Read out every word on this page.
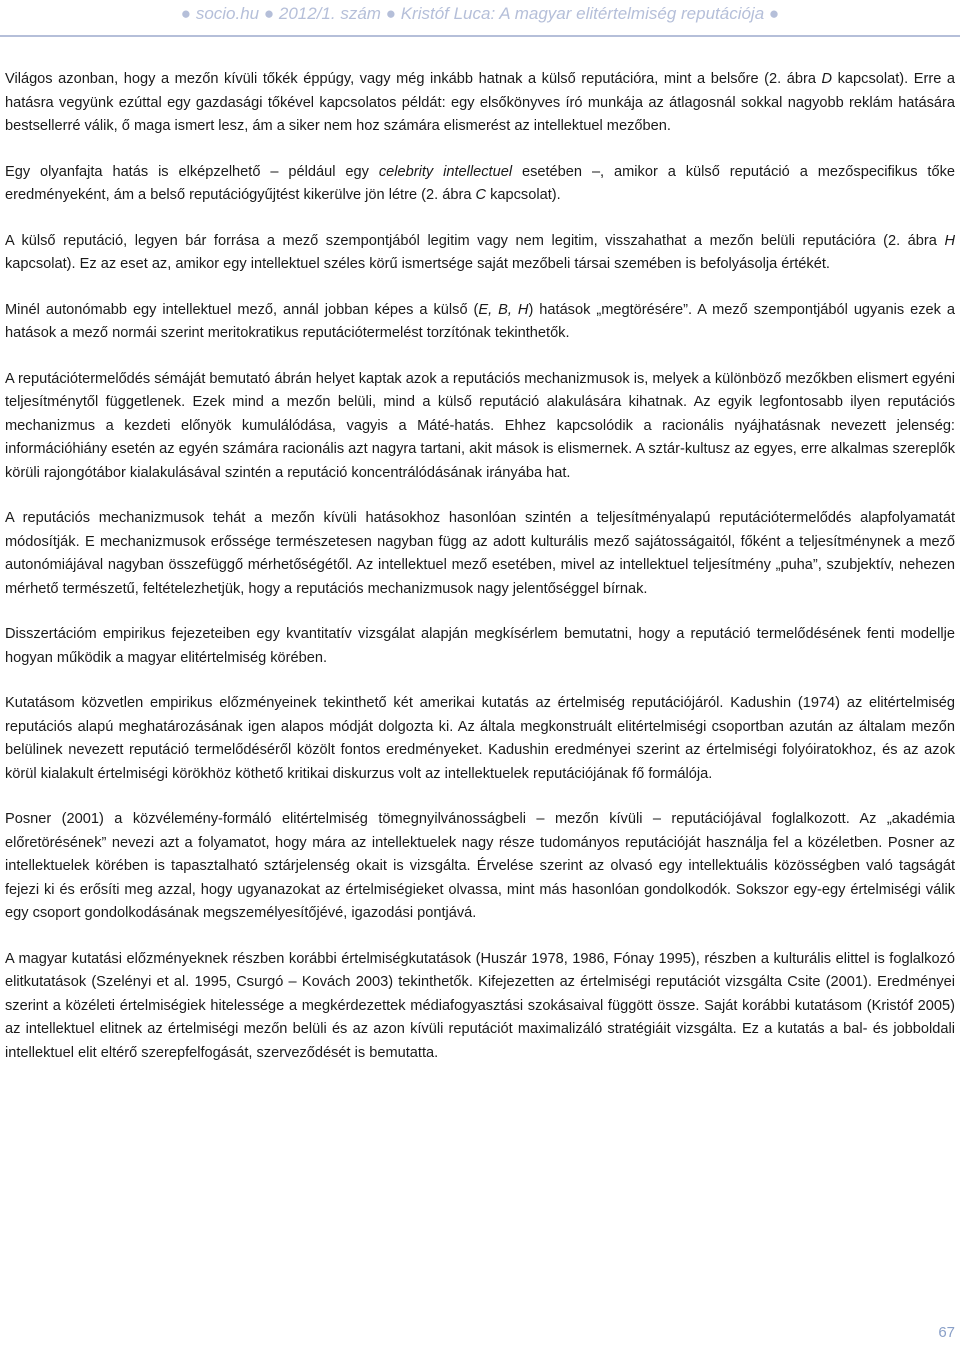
● socio.hu ● 2012/1. szám ● Kristóf Luca: A magyar elitértelmiség reputációja ●

Világos azonban, hogy a mezőn kívüli tőkék éppúgy, vagy még inkább hatnak a külső reputációra, mint a belsőre (2. ábra D kapcsolat). Erre a hatásra vegyünk ezúttal egy gazdasági tőkével kapcsolatos példát: egy elsőkönyves író munkája az átlagosnál sokkal nagyobb reklám hatására bestsellerré válik, ő maga ismert lesz, ám a siker nem hoz számára elismerést az intellektuel mezőben.

Egy olyanfajta hatás is elképzelhető – például egy celebrity intellectuel esetében –, amikor a külső reputáció a mezőspecifikus tőke eredményeként, ám a belső reputációgyűjtést kikerülve jön létre (2. ábra C kapcsolat).

A külső reputáció, legyen bár forrása a mező szempontjából legitim vagy nem legitim, visszahathat a mezőn belüli reputációra (2. ábra H kapcsolat). Ez az eset az, amikor egy intellektuel széles körű ismertsége saját mezőbeli társai szemében is befolyásolja értékét.

Minél autonómabb egy intellektuel mező, annál jobban képes a külső (E, B, H) hatások „megtörésére”. A mező szempontjából ugyanis ezek a hatások a mező normái szerint meritokratikus reputációtermelést torzítónak tekinthetők.

A reputációtermelődés sémáját bemutató ábrán helyet kaptak azok a reputációs mechanizmusok is, melyek a különböző mezőkben elismert egyéni teljesítménytől függetlenek. Ezek mind a mezőn belüli, mind a külső reputáció alakulására kihatnak. Az egyik legfontosabb ilyen reputációs mechanizmus a kezdeti előnyök kumulálódása, vagyis a Máté-hatás. Ehhez kapcsolódik a racionális nyájhatásnak nevezett jelenség: információhiány esetén az egyén számára racionális azt nagyra tartani, akit mások is elismernek. A sztár-kultusz az egyes, erre alkalmas szereplők körüli rajongótábor kialakulásával szintén a reputáció koncentrálódásának irányába hat.

A reputációs mechanizmusok tehát a mezőn kívüli hatásokhoz hasonlóan szintén a teljesítményalapú reputációtermelődés alapfolyamatát módosítják. E mechanizmusok erőssége természetesen nagyban függ az adott kulturális mező sajátosságaitól, főként a teljesítménynek a mező autonómiájával nagyban összefüggő mérhetőségétől. Az intellektuel mező esetében, mivel az intellektuel teljesítmény „puha”, szubjektív, nehezen mérhető természetű, feltételezhetjük, hogy a reputációs mechanizmusok nagy jelentőséggel bírnak.

Disszertációm empirikus fejezeteiben egy kvantitatív vizsgálat alapján megkísérlem bemutatni, hogy a reputáció termelődésének fenti modellje hogyan működik a magyar elitértelmiség körében.

Kutatásom közvetlen empirikus előzményeinek tekinthető két amerikai kutatás az értelmiség reputációjáról. Kadushin (1974) az elitértelmiség reputációs alapú meghatározásának igen alapos módját dolgozta ki. Az általa megkonstruált elitértelmiségi csoportban azután az általam mezőn belülinek nevezett reputáció termelődéséről közölt fontos eredményeket. Kadushin eredményei szerint az értelmiségi folyóiratokhoz, és az azok körül kialakult értelmiségi körökhöz köthető kritikai diskurzus volt az intellektuelek reputációjának fő formálója.

Posner (2001) a közvélemény-formáló elitértelmiség tömegnyilvánosságbeli – mezőn kívüli – reputációjával foglalkozott. Az „akadémia előretörésének” nevezi azt a folyamatot, hogy mára az intellektuelek nagy része tudományos reputációját használja fel a közéletben. Posner az intellektuelek körében is tapasztalható sztárjelenség okait is vizsgálta. Érvelése szerint az olvasó egy intellektuális közösségben való tagságát fejezi ki és erősíti meg azzal, hogy ugyanazokat az értelmiségieket olvassa, mint más hasonlóan gondolkodók. Sokszor egy-egy értelmiségi válik egy csoport gondolkodásának megszemélyesítőjévé, igazodási pontjává.

A magyar kutatási előzményeknek részben korábbi értelmiségkutatások (Huszár 1978, 1986, Fónay 1995), részben a kulturális elittel is foglalkozó elitkutatások (Szelényi et al. 1995, Csurgó – Kovách 2003) tekinthetők. Kifejezetten az értelmiségi reputációt vizsgálta Csite (2001). Eredményei szerint a közéleti értelmiségiek hitelessége a megkérdezettek médiafogyasztási szokásaival függött össze. Saját korábbi kutatásom (Kristóf 2005) az intellektuel elitnek az értelmiségi mezőn belüli és az azon kívüli reputációt maximalizáló stratégiáit vizsgálta. Ez a kutatás a bal- és jobboldali intellektuel elit eltérő szerepfelfogását, szerveződését is bemutatta.

67
